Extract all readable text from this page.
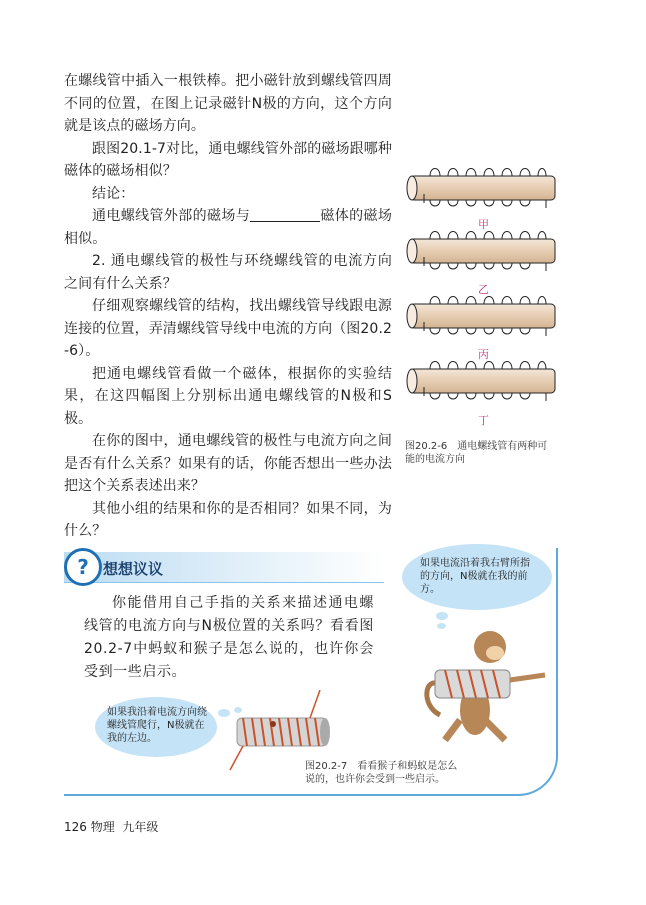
在螺线管中插入一根铁棒。把小磁针放到螺线管四周不同的位置，在图上记录磁针N极的方向，这个方向就是该点的磁场方向。

跟图20.1-7对比，通电螺线管外部的磁场跟哪种磁体的磁场相似？

结论：

通电螺线管外部的磁场与	磁体的磁场相似。

2. 通电螺线管的极性与环绕螺线管的电流方向之间有什么关系？

仔细观察螺线管的结构，找出螺线管导线跟电源连接的位置，弄清螺线管导线中电流的方向（图20.2-6）。

把通电螺线管看做一个磁体，根据你的实验结果，在这四幅图上分别标出通电螺线管的N极和S极。

在你的图中，通电螺线管的极性与电流方向之间是否有什么关系？如果有的话，你能否想出一些办法把这个关系表述出来？

其他小组的结果和你的是否相同？如果不同，为什么？

甲
乙
丙
丁
图20.2-6　通电螺线管有两种可能的电流方向
? 想想议议
你能借用自己手指的关系来描述通电螺线管的电流方向与N极位置的关系吗？看看图20.2-7中蚂蚁和猴子是怎么说的，也许你会受到一些启示。
如果电流沿着我右臂所指的方向，N极就在我的前方。
如果我沿着电流方向绕螺线管爬行，N极就在我的左边。
图20.2-7　看看猴子和蚂蚁是怎么说的，也许你会受到一些启示。
126 物理 九年级
